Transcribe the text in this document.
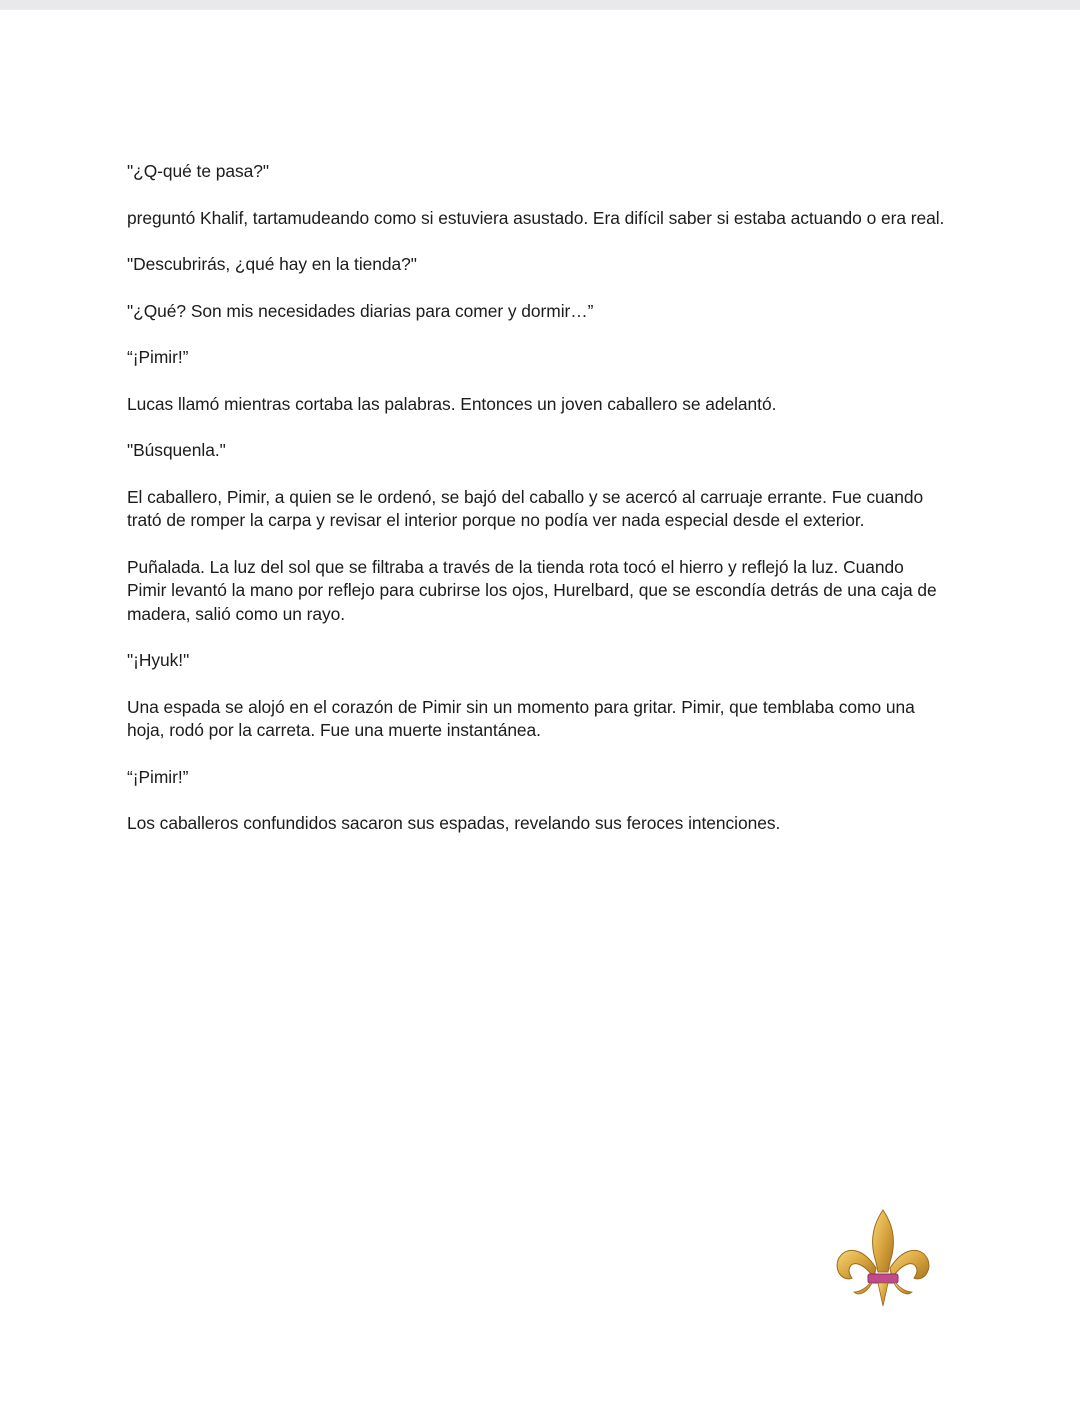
"¿Q-qué te pasa?"

preguntó Khalif, tartamudeando como si estuviera asustado. Era difícil saber si estaba actuando o era real.

"Descubrirás, ¿qué hay en la tienda?"

"¿Qué? Son mis necesidades diarias para comer y dormir…”

“¡Pimir!”

Lucas llamó mientras cortaba las palabras. Entonces un joven caballero se adelantó.

"Búsquenla."

El caballero, Pimir, a quien se le ordenó, se bajó del caballo y se acercó al carruaje errante. Fue cuando trató de romper la carpa y revisar el interior porque no podía ver nada especial desde el exterior.

Puñalada. La luz del sol que se filtraba a través de la tienda rota tocó el hierro y reflejó la luz. Cuando Pimir levantó la mano por reflejo para cubrirse los ojos, Hurelbard, que se escondía detrás de una caja de madera, salió como un rayo.

"¡Hyuk!"

Una espada se alojó en el corazón de Pimir sin un momento para gritar. Pimir, que temblaba como una hoja, rodó por la carreta. Fue una muerte instantánea.

“¡Pimir!”

Los caballeros confundidos sacaron sus espadas, revelando sus feroces intenciones.
